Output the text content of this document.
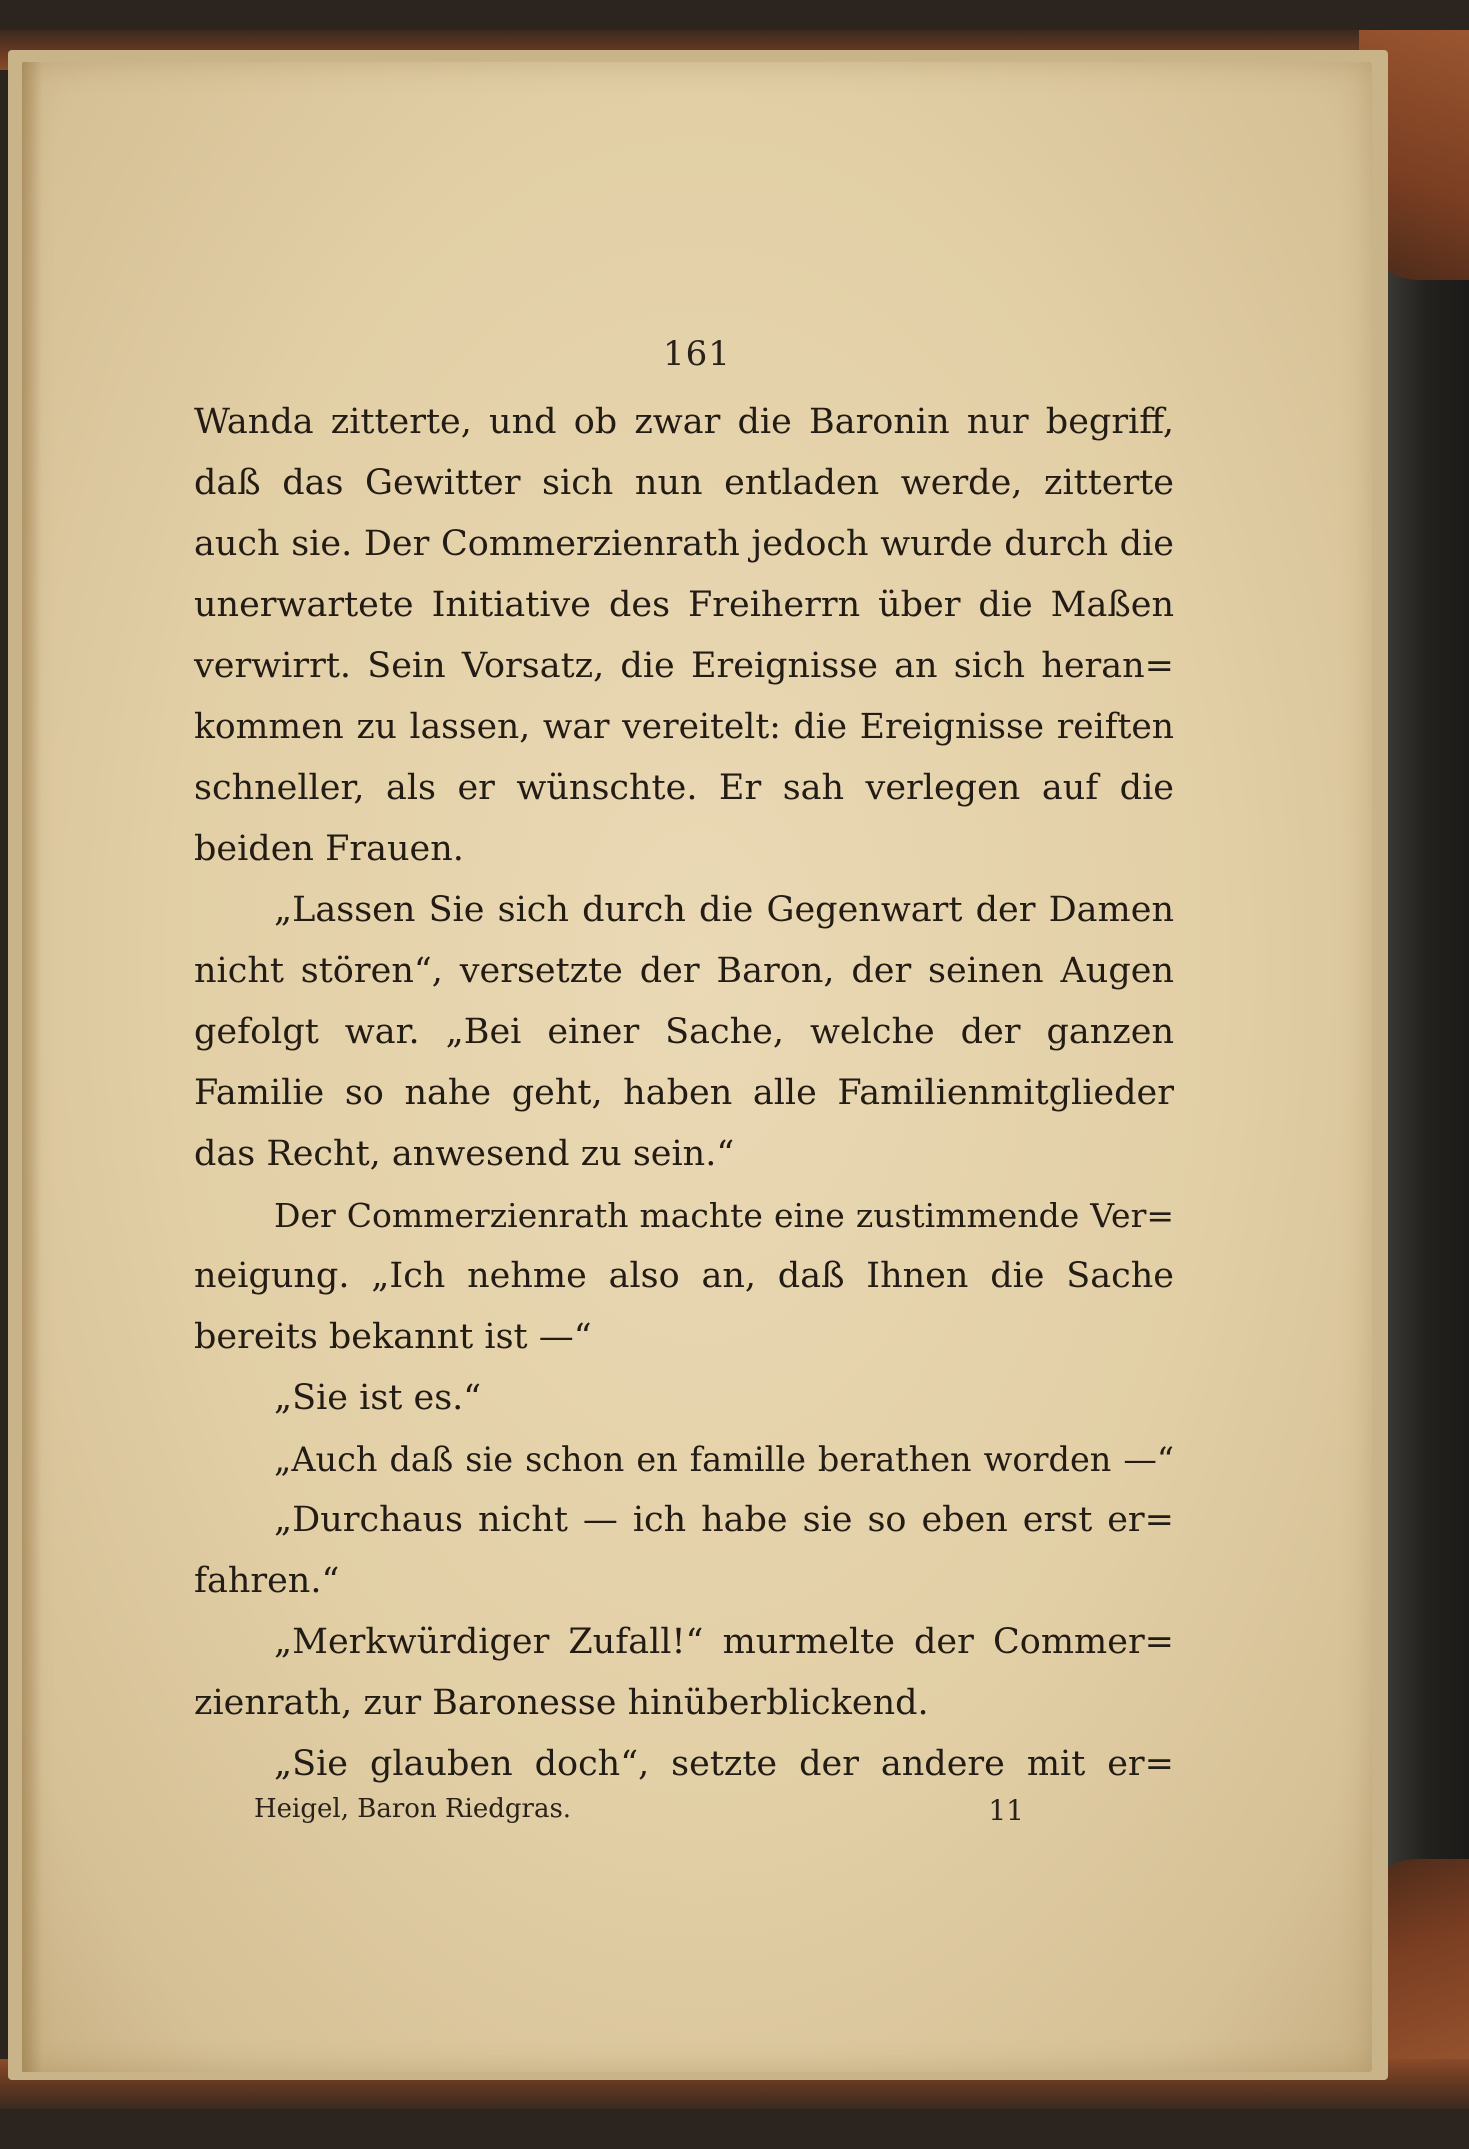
161
Wanda zitterte, und ob zwar die Baronin nur begriff,
daß das Gewitter sich nun entladen werde, zitterte
auch sie. Der Commerzienrath jedoch wurde durch die
unerwartete Initiative des Freiherrn über die Maßen
verwirrt. Sein Vorsatz, die Ereignisse an sich heran=
kommen zu lassen, war vereitelt: die Ereignisse reiften
schneller, als er wünschte. Er sah verlegen auf die
beiden Frauen.
„Lassen Sie sich durch die Gegenwart der Damen
nicht stören“, versetzte der Baron, der seinen Augen
gefolgt war. „Bei einer Sache, welche der ganzen
Familie so nahe geht, haben alle Familienmitglieder
das Recht, anwesend zu sein.“
Der Commerzienrath machte eine zustimmende Ver=
neigung. „Ich nehme also an, daß Ihnen die Sache
bereits bekannt ist —“
„Sie ist es.“
„Auch daß sie schon en famille berathen worden —“
„Durchaus nicht — ich habe sie so eben erst er=
fahren.“
„Merkwürdiger Zufall!“ murmelte der Commer=
zienrath, zur Baronesse hinüberblickend.
„Sie glauben doch“, setzte der andere mit er=
Heigel, Baron Riedgras.	11
